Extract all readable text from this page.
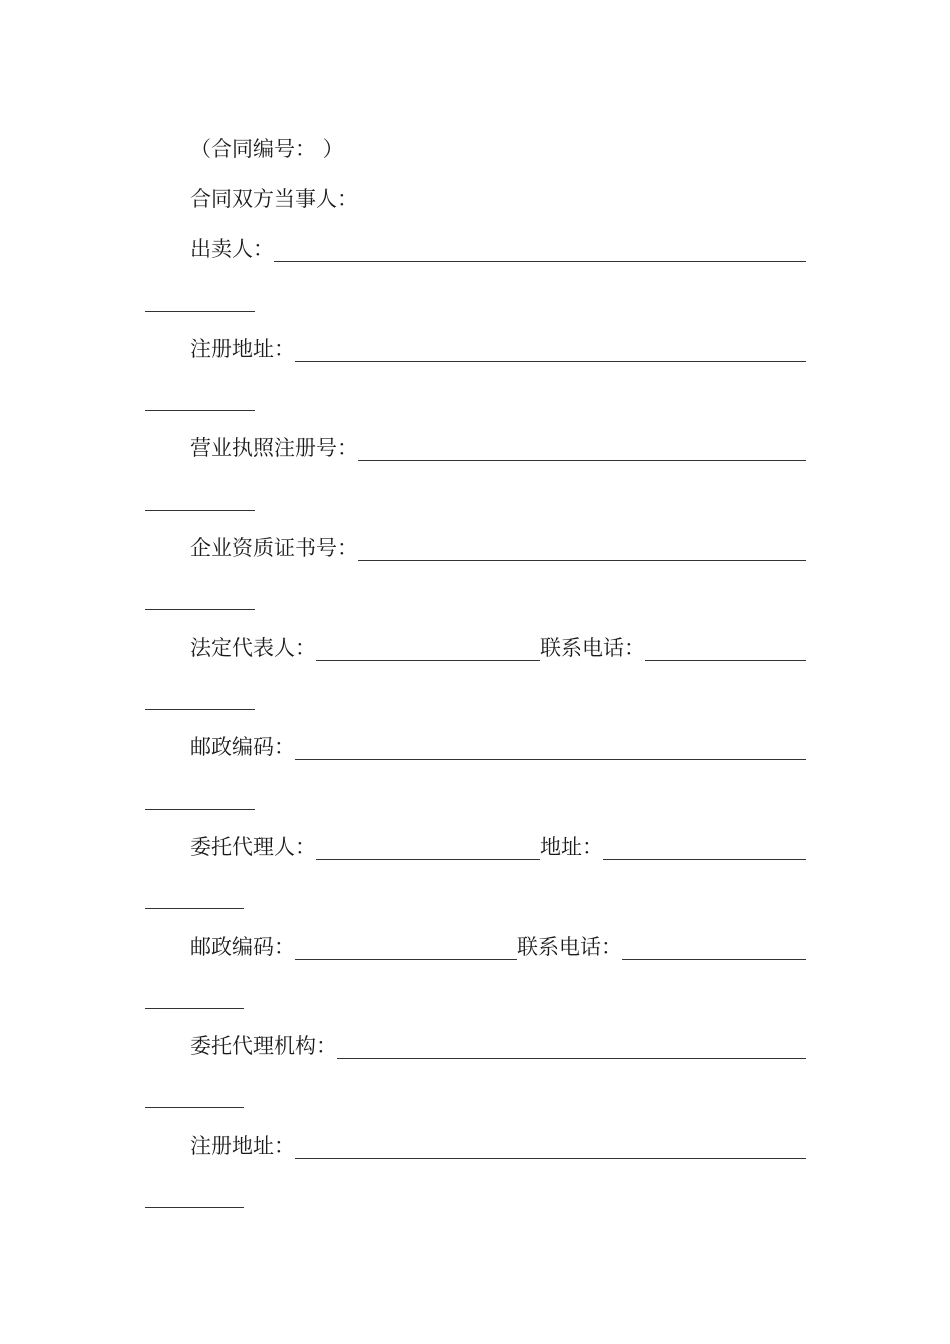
（合同编号： ）
合同双方当事人：
出卖人：
注册地址：
营业执照注册号：
企业资质证书号：
法定代表人：	联系电话：
邮政编码：
委托代理人：	地址：
邮政编码：	联系电话：
委托代理机构：
注册地址：
